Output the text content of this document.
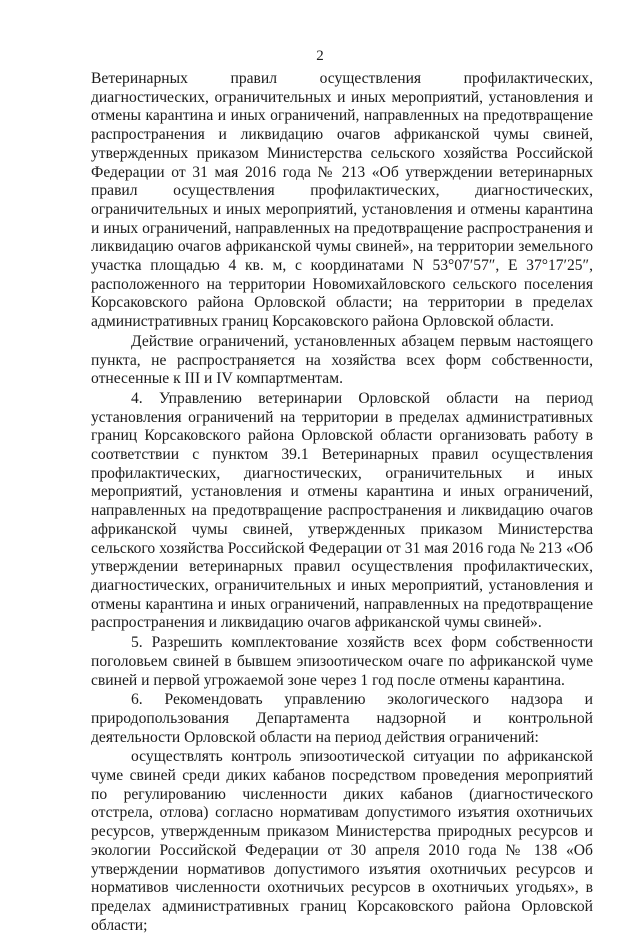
2

Ветеринарных правил осуществления профилактических, диагностических, ограничительных и иных мероприятий, установления и отмены карантина и иных ограничений, направленных на предотвращение распространения и ликвидацию очагов африканской чумы свиней, утвержденных приказом Министерства сельского хозяйства Российской Федерации от 31 мая 2016 года № 213 «Об утверждении ветеринарных правил осуществления профилактических, диагностических, ограничительных и иных мероприятий, установления и отмены карантина и иных ограничений, направленных на предотвращение распространения и ликвидацию очагов африканской чумы свиней», на территории земельного участка площадью 4 кв. м, с координатами N 53°07′57″, E 37°17′25″, расположенного на территории Новомихайловского сельского поселения Корсаковского района Орловской области; на территории в пределах административных границ Корсаковского района Орловской области.

Действие ограничений, установленных абзацем первым настоящего пункта, не распространяется на хозяйства всех форм собственности, отнесенные к III и IV компартментам.

4. Управлению ветеринарии Орловской области на период установления ограничений на территории в пределах административных границ Корсаковского района Орловской области организовать работу в соответствии с пунктом 39.1 Ветеринарных правил осуществления профилактических, диагностических, ограничительных и иных мероприятий, установления и отмены карантина и иных ограничений, направленных на предотвращение распространения и ликвидацию очагов африканской чумы свиней, утвержденных приказом Министерства сельского хозяйства Российской Федерации от 31 мая 2016 года № 213 «Об утверждении ветеринарных правил осуществления профилактических, диагностических, ограничительных и иных мероприятий, установления и отмены карантина и иных ограничений, направленных на предотвращение распространения и ликвидацию очагов африканской чумы свиней».

5. Разрешить комплектование хозяйств всех форм собственности поголовьем свиней в бывшем эпизоотическом очаге по африканской чуме свиней и первой угрожаемой зоне через 1 год после отмены карантина.

6. Рекомендовать управлению экологического надзора и природопользования Департамента надзорной и контрольной деятельности Орловской области на период действия ограничений:

осуществлять контроль эпизоотической ситуации по африканской чуме свиней среди диких кабанов посредством проведения мероприятий по регулированию численности диких кабанов (диагностического отстрела, отлова) согласно нормативам допустимого изъятия охотничьих ресурсов, утвержденным приказом Министерства природных ресурсов и экологии Российской Федерации от 30 апреля 2010 года № 138 «Об утверждении нормативов допустимого изъятия охотничьих ресурсов и нормативов численности охотничьих ресурсов в охотничьих угодьях», в пределах административных границ Корсаковского района Орловской области;
